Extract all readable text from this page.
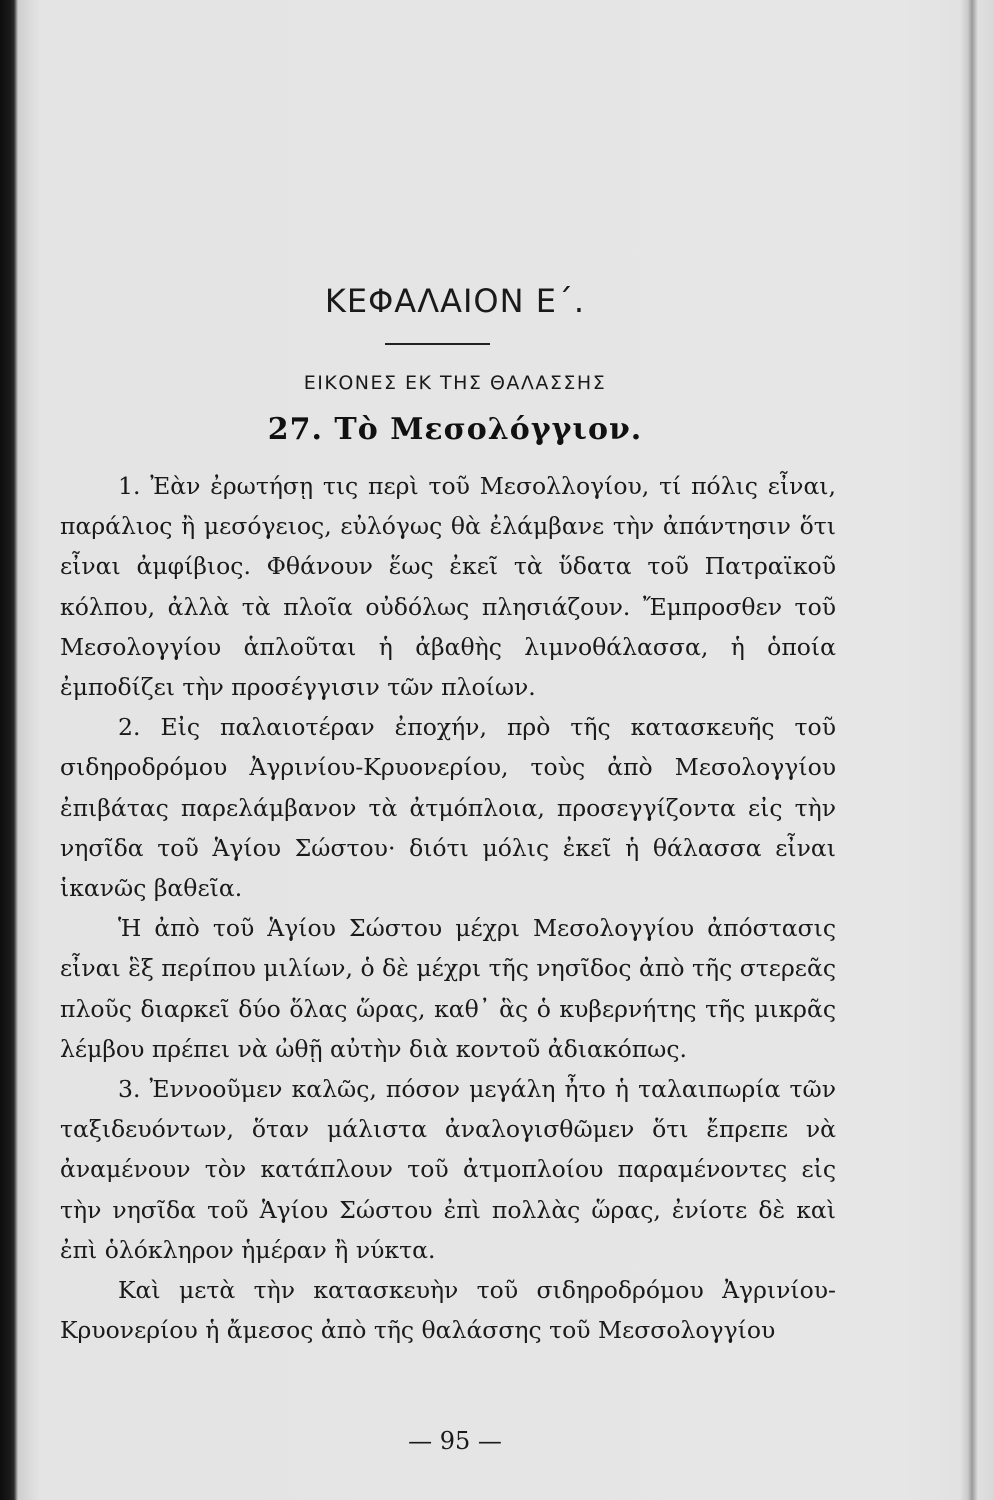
ΚΕΦΑΛΑΙΟΝ Ε΄.
ΕΙΚΟΝΕΣ ΕΚ ΤΗΣ ΘΑΛΑΣΣΗΣ
27. Τὸ Μεσολόγγιον.

1. Ἐὰν ἐρωτήσῃ τις περὶ τοῦ Μεσολλογίου, τί πόλις εἶναι, παράλιος ἢ μεσόγειος, εὐλόγως θὰ ἐλάμβανε τὴν ἀπάντησιν ὅτι εἶναι ἀμφίβιος. Φθάνουν ἕως ἐκεῖ τὰ ὕδατα τοῦ Πατραϊκοῦ κόλπου, ἀλλὰ τὰ πλοῖα οὐδόλως πλησιάζουν. Ἔμπροσθεν τοῦ Μεσολογγίου ἁπλοῦται ἡ ἀβαθὴς λιμνοθάλασσα, ἡ ὁποία ἐμποδίζει τὴν προσέγγισιν τῶν πλοίων.

2. Εἰς παλαιοτέραν ἐποχήν, πρὸ τῆς κατασκευῆς τοῦ σιδηροδρόμου Ἀγρινίου-Κρυονερίου, τοὺς ἀπὸ Μεσολογγίου ἐπιβάτας παρελάμβανον τὰ ἀτμόπλοια, προσεγγίζοντα εἰς τὴν νησῖδα τοῦ Ἁγίου Σώστου· διότι μόλις ἐκεῖ ἡ θάλασσα εἶναι ἱκανῶς βαθεῖα.

Ἡ ἀπὸ τοῦ Ἁγίου Σώστου μέχρι Μεσολογγίου ἀπόστασις εἶναι ἓξ περίπου μιλίων, ὁ δὲ μέχρι τῆς νησῖδος ἀπὸ τῆς στερεᾶς πλοῦς διαρκεῖ δύο ὅλας ὥρας, καθ᾽ ἃς ὁ κυβερνήτης τῆς μικρᾶς λέμβου πρέπει νὰ ὠθῇ αὐτὴν διὰ κοντοῦ ἀδιακόπως.

3. Ἐννοοῦμεν καλῶς, πόσον μεγάλη ἦτο ἡ ταλαιπωρία τῶν ταξιδευόντων, ὅταν μάλιστα ἀναλογισθῶμεν ὅτι ἔπρεπε νὰ ἀναμένουν τὸν κατάπλουν τοῦ ἀτμοπλοίου παραμένοντες εἰς τὴν νησῖδα τοῦ Ἁγίου Σώστου ἐπὶ πολλὰς ὥρας, ἐνίοτε δὲ καὶ ἐπὶ ὁλόκληρον ἡμέραν ἢ νύκτα.

Καὶ μετὰ τὴν κατασκευὴν τοῦ σιδηροδρόμου Ἀγρινίου-Κρυονερίου ἡ ἄμεσος ἀπὸ τῆς θαλάσσης τοῦ Μεσσολογγίου

— 95 —
